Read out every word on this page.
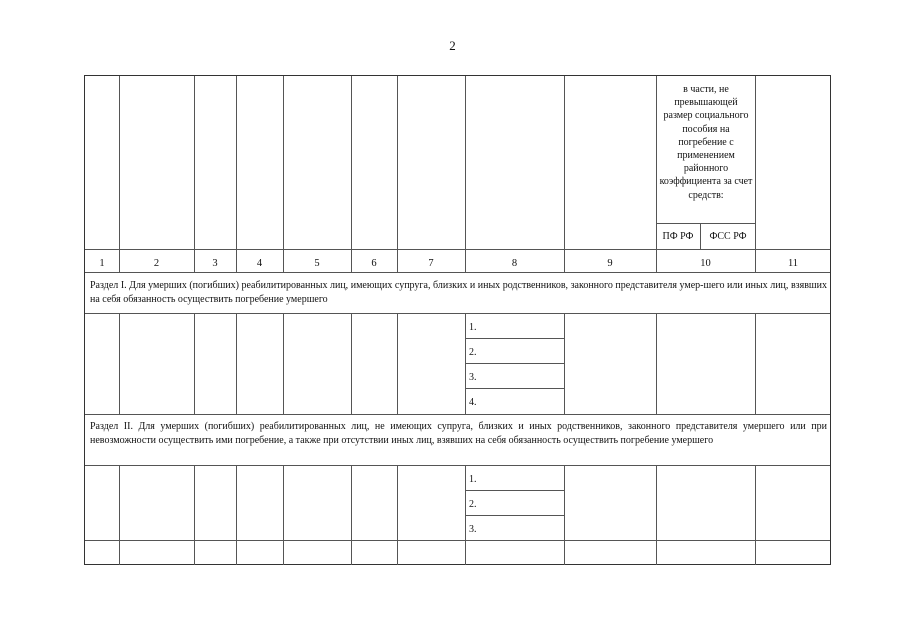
2
в части, не превышающей размер социального пособия на погребение с применением районного коэффициента за счет средств:
ПФ РФ	ФСС РФ
1	2	3	4	5	6	7	8	9	10	11
Раздел I. Для умерших (погибших) реабилитированных лиц, имеющих супруга, близких и иных родственников, законного представителя умер-шего или иных лиц, взявших на себя обязанность осуществить погребение умершего
1.
2.
3.
4.
Раздел II. Для умерших (погибших) реабилитированных лиц, не имеющих супруга, близких и иных родственников, законного представителя умершего или при невозможности осуществить ими погребение, а также при отсутствии иных лиц, взявших на себя обязанность осуществить погребение умершего
1.
2.
3.
